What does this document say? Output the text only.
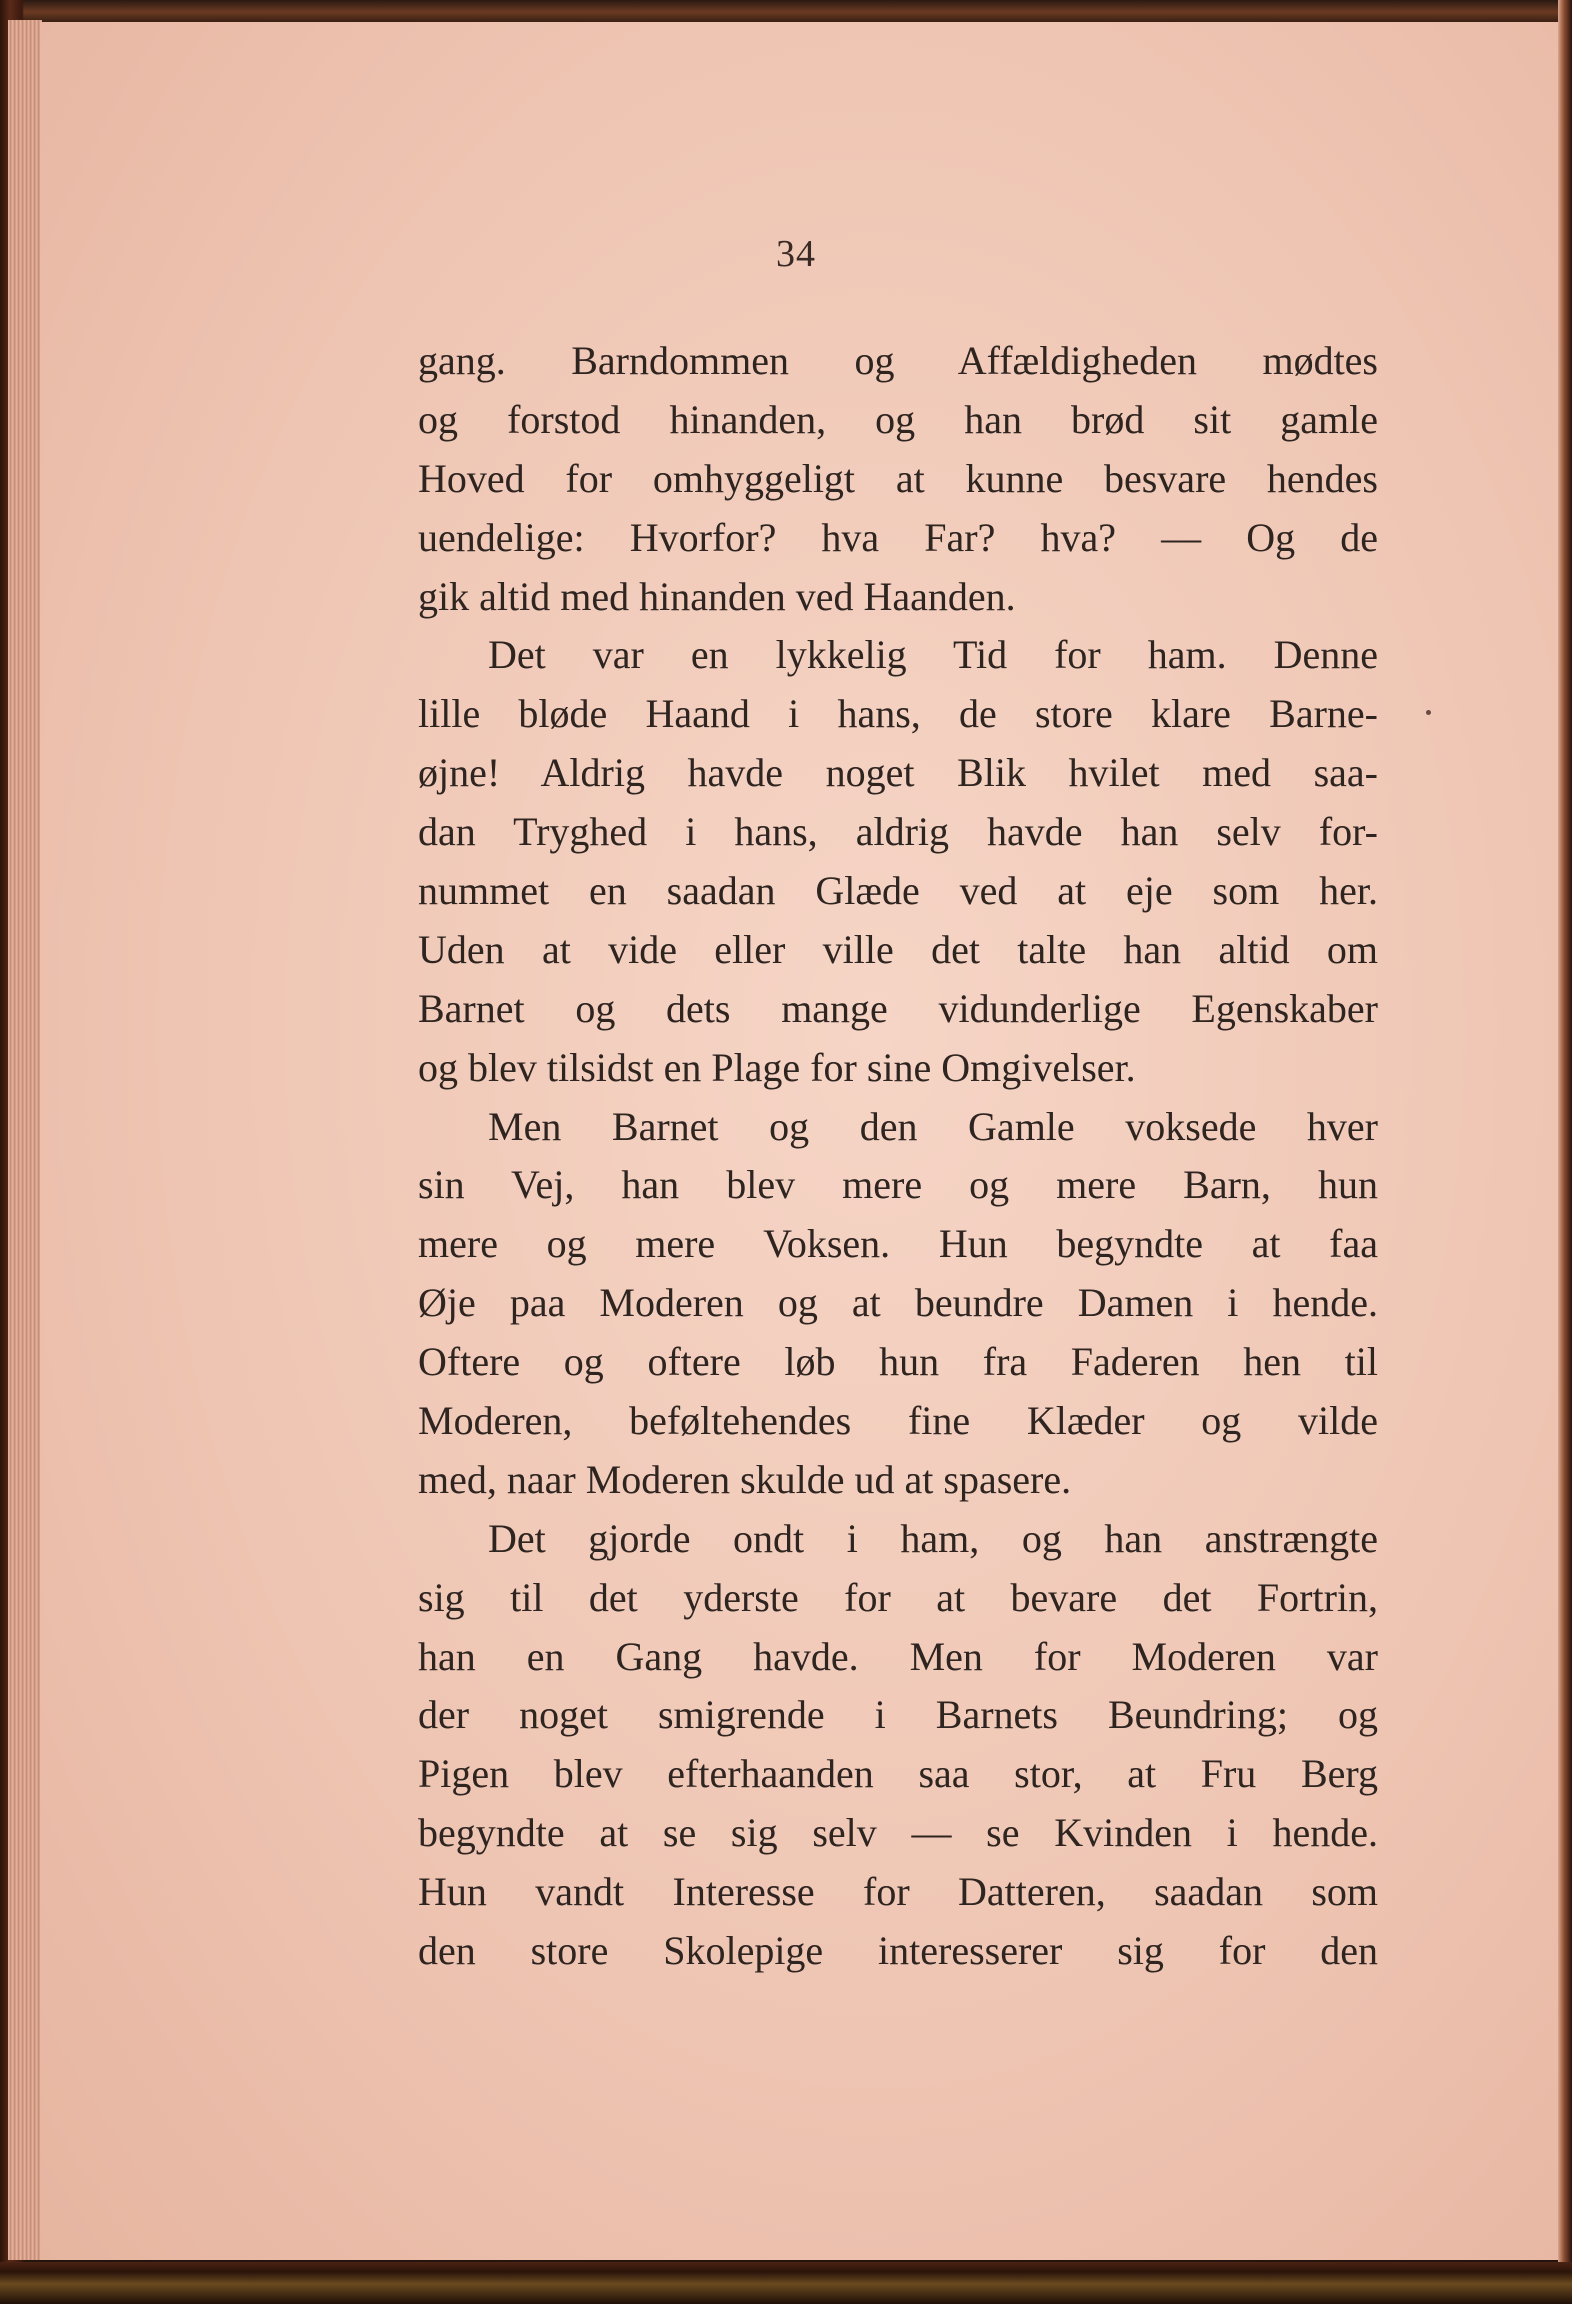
34
gang. Barndommen og Affældigheden mødtes
og forstod hinanden, og han brød sit gamle
Hoved for omhyggeligt at kunne besvare hendes
uendelige: Hvorfor? hva Far? hva? — Og de
gik altid med hinanden ved Haanden.
Det var en lykkelig Tid for ham. Denne
lille bløde Haand i hans, de store klare Barne-
øjne! Aldrig havde noget Blik hvilet med saa-
dan Tryghed i hans, aldrig havde han selv for-
nummet en saadan Glæde ved at eje som her.
Uden at vide eller ville det talte han altid om
Barnet og dets mange vidunderlige Egenskaber
og blev tilsidst en Plage for sine Omgivelser.
Men Barnet og den Gamle voksede hver
sin Vej, han blev mere og mere Barn, hun
mere og mere Voksen. Hun begyndte at faa
Øje paa Moderen og at beundre Damen i hende.
Oftere og oftere løb hun fra Faderen hen til
Moderen, beføltehendes fine Klæder og vilde
med, naar Moderen skulde ud at spasere.
Det gjorde ondt i ham, og han anstrængte
sig til det yderste for at bevare det Fortrin,
han en Gang havde. Men for Moderen var
der noget smigrende i Barnets Beundring; og
Pigen blev efterhaanden saa stor, at Fru Berg
begyndte at se sig selv — se Kvinden i hende.
Hun vandt Interesse for Datteren, saadan som
den store Skolepige interesserer sig for den
